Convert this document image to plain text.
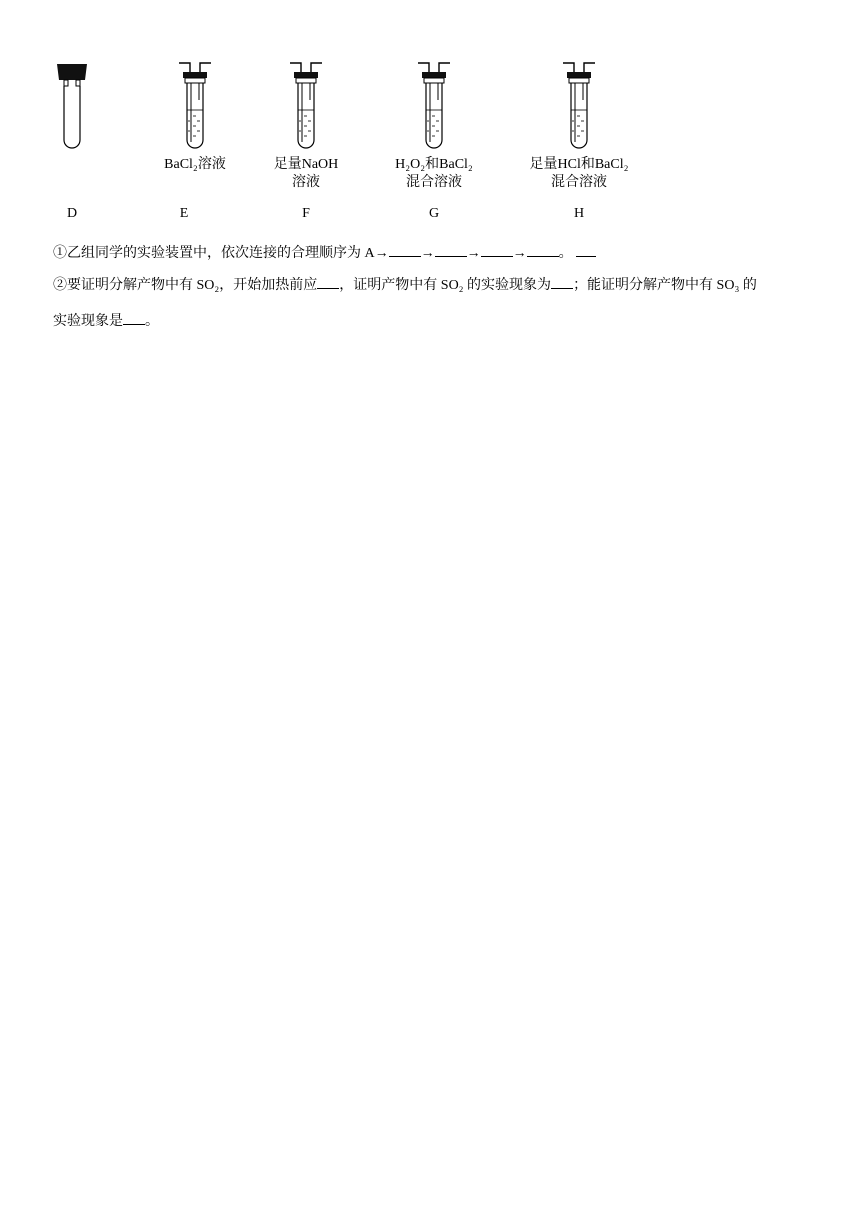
BaCl₂溶液	足量NaOH
溶液
H₂O₂和BaCl₂
混合溶液
足量HCl和BaCl₂
混合溶液
D	E	F	G	H
①乙组同学的实验装置中，依次连接的合理顺序为 A→ → → → 。
②要证明分解产物中有 SO₂，开始加热前应 ，证明产物中有 SO₂ 的实验现象为 ；能证明分解产物中有 SO₃ 的
实验现象是 。
